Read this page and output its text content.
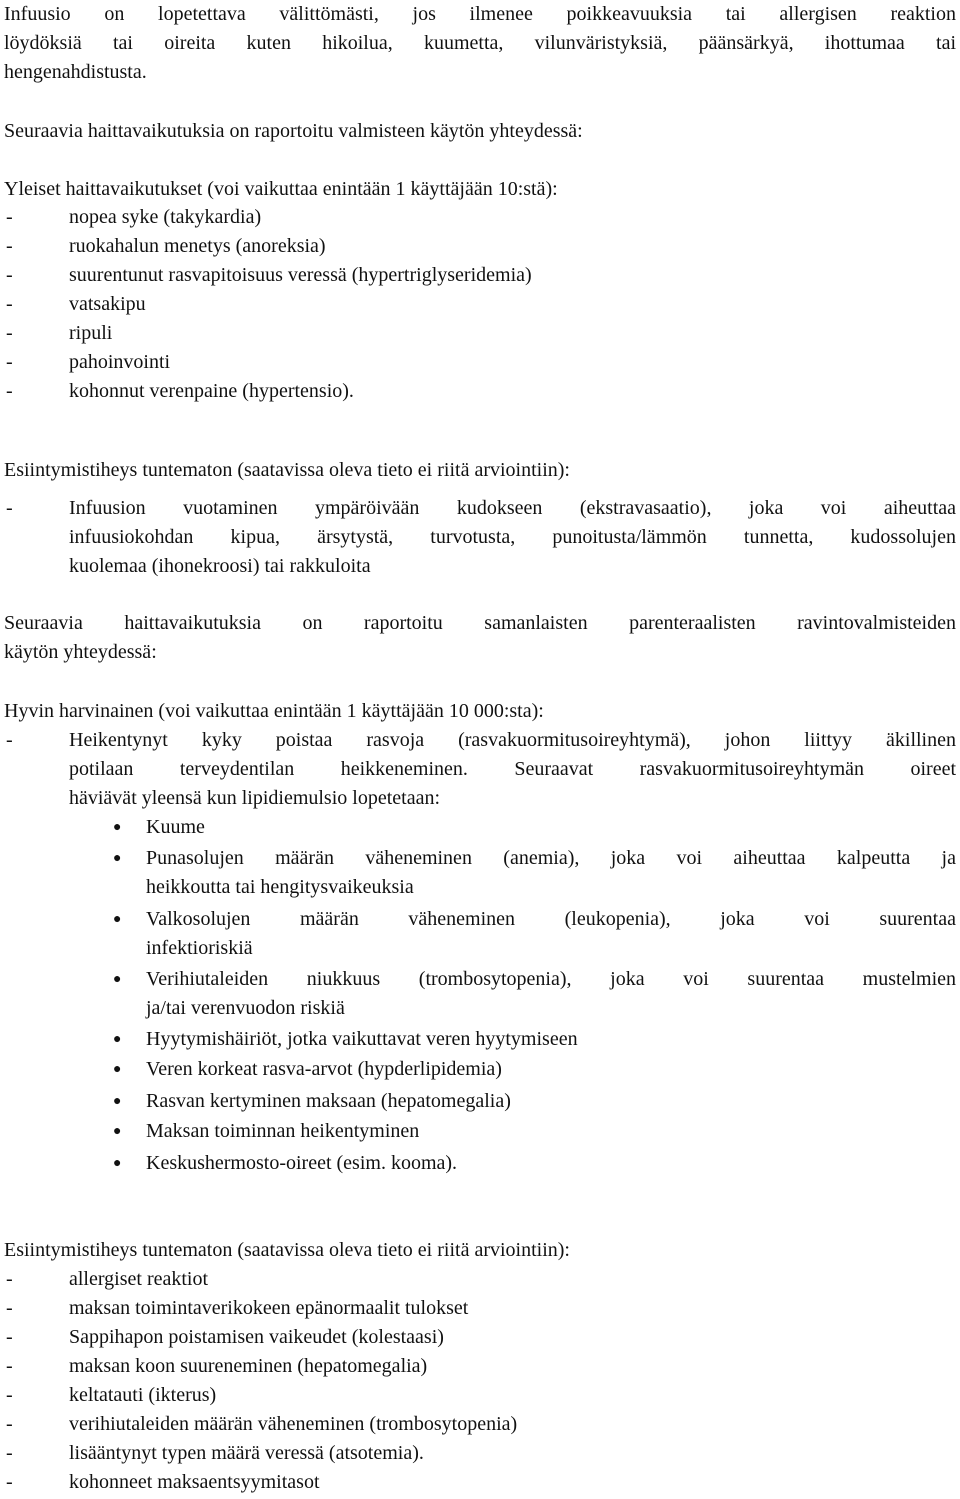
Infuusio on lopetettava välittömästi, jos ilmenee poikkeavuuksia tai allergisen reaktion

löydöksiä tai oireita kuten hikoilua, kuumetta, vilunväristyksiä, päänsärkyä, ihottumaa tai

hengenahdistusta.

Seuraavia haittavaikutuksia on raportoitu valmisteen käytön yhteydessä:

Yleiset haittavaikutukset (voi vaikuttaa enintään 1 käyttäjään 10:stä):

-	nopea syke (takykardia)
-	ruokahalun menetys (anoreksia)
-	suurentunut rasvapitoisuus veressä (hypertriglyseridemia)
-	vatsakipu
-	ripuli
-	pahoinvointi
-	kohonnut verenpaine (hypertensio).

Esiintymistiheys tuntematon (saatavissa oleva tieto ei riitä arviointiin):

-	Infuusion vuotaminen ympäröivään kudokseen (ekstravasaatio), joka voi aiheuttaa
infuusiokohdan kipua, ärsytystä, turvotusta, punoitusta/lämmön tunnetta, kudossolujen
kuolemaa (ihonekroosi) tai rakkuloita

Seuraavia haittavaikutuksia on raportoitu samanlaisten parenteraalisten ravintovalmisteiden

käytön yhteydessä:

Hyvin harvinainen (voi vaikuttaa enintään 1 käyttäjään 10 000:sta):

-	Heikentynyt kyky poistaa rasvoja (rasvakuormitusoireyhtymä), johon liittyy äkillinen
potilaan terveydentilan heikkeneminen. Seuraavat rasvakuormitusoireyhtymän oireet
häviävät yleensä kun lipidiemulsio lopetetaan:
● Kuume
● Punasolujen määrän väheneminen (anemia), joka voi aiheuttaa kalpeutta ja
heikkoutta tai hengitysvaikeuksia
● Valkosolujen määrän väheneminen (leukopenia), joka voi suurentaa
infektioriskiä
● Verihiutaleiden niukkuus (trombosytopenia), joka voi suurentaa mustelmien
ja/tai verenvuodon riskiä
● Hyytymishäiriöt, jotka vaikuttavat veren hyytymiseen
● Veren korkeat rasva-arvot (hypderlipidemia)
● Rasvan kertyminen maksaan (hepatomegalia)
● Maksan toiminnan heikentyminen
● Keskushermosto-oireet (esim. kooma).

Esiintymistiheys tuntematon (saatavissa oleva tieto ei riitä arviointiin):

-	allergiset reaktiot
-	maksan toimintaverikokeen epänormaalit tulokset
-	Sappihapon poistamisen vaikeudet (kolestaasi)
-	maksan koon suureneminen (hepatomegalia)
-	keltatauti (ikterus)
-	verihiutaleiden määrän väheneminen (trombosytopenia)
-	lisääntynyt typen määrä veressä (atsotemia).
-	kohonneet maksaentsyymitasot
